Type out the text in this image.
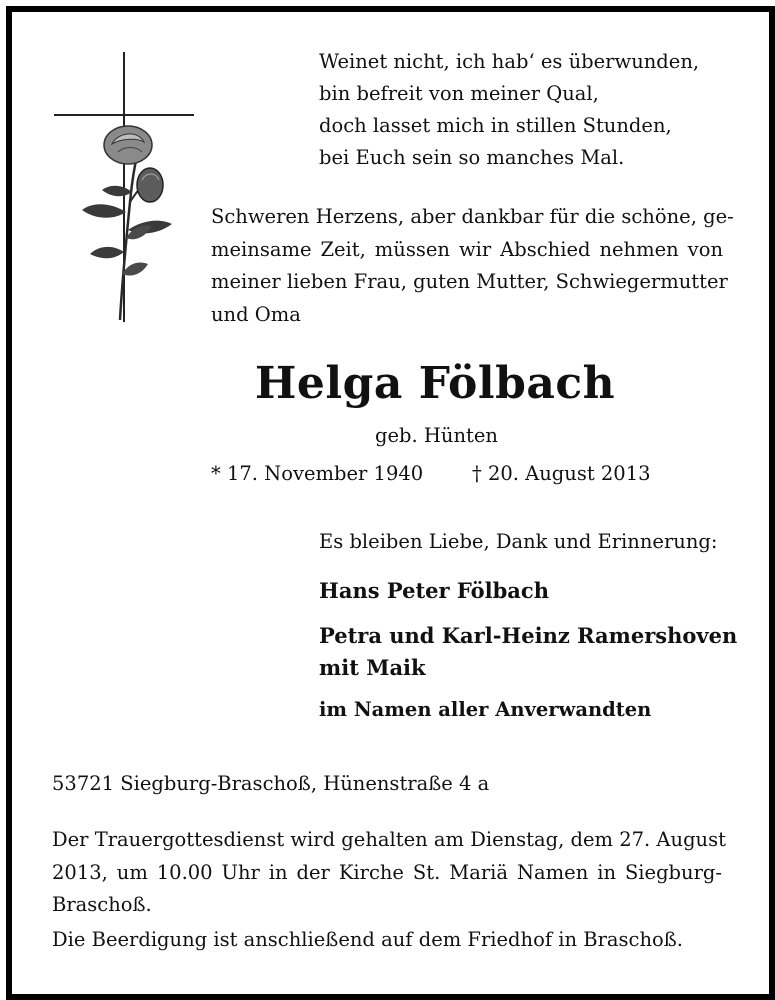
Weinet nicht, ich hab‘ es überwunden,
bin befreit von meiner Qual,
doch lasset mich in stillen Stunden,
bei Euch sein so manches Mal.

Schweren Herzens, aber dankbar für die schöne, ge-
meinsame Zeit, müssen wir Abschied nehmen von
meiner lieben Frau, guten Mutter, Schwiegermutter
und Oma

Helga Fölbach

geb. Hünten

* 17. November 1940	† 20. August 2013

Es bleiben Liebe, Dank und Erinnerung:

Hans Peter Fölbach

Petra und Karl-Heinz Ramershoven
mit Maik

im Namen aller Anverwandten

53721 Siegburg-Braschoß, Hünenstraße 4 a

Der Trauergottesdienst wird gehalten am Dienstag, dem 27. August
2013, um 10.00 Uhr in der Kirche St. Mariä Namen in Siegburg-
Braschoß.

Die Beerdigung ist anschließend auf dem Friedhof in Braschoß.
